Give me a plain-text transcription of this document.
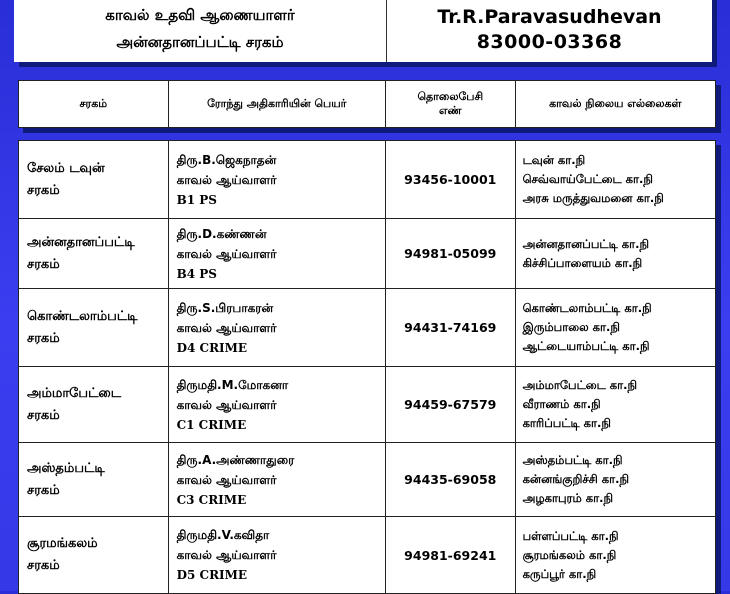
காவல் உதவி ஆணையாளர்
அன்னதானப்பட்டி சரகம்
Tr.R.Paravasudhevan
83000-03368
சரகம்	ரோந்து அதிகாரியின் பெயர்
தொலைபேசி
எண்
காவல் நிலைய எல்லைகள்
சேலம் டவுன்
சரகம்
திரு.B.ஜெகநாதன்
காவல் ஆய்வாளர்
B1 PS
93456-10001
டவுன் கா.நி
செவ்வாய்பேட்டை கா.நி
அரசு மருத்துவமனை கா.நி
அன்னதானப்பட்டி
சரகம்
திரு.D.கண்ணன்
காவல் ஆய்வாளர்
B4 PS
94981-05099
அன்னதானப்பட்டி கா.நி
கிச்சிப்பாளையம் கா.நி
கொண்டலாம்பட்டி
சரகம்
திரு.S.பிரபாகரன்
காவல் ஆய்வாளர்
D4 CRIME
94431-74169
கொண்டலாம்பட்டி கா.நி
இரும்பாலை கா.நி
ஆட்டையாம்பட்டி கா.நி
அம்மாபேட்டை
சரகம்
திருமதி.M.மோகனா
காவல் ஆய்வாளர்
C1 CRIME
94459-67579
அம்மாபேட்டை கா.நி
வீராணம் கா.நி
காரிப்பட்டி கா.நி
அஸ்தம்பட்டி
சரகம்
திரு.A.அண்ணாதுரை
காவல் ஆய்வாளர்
C3 CRIME
94435-69058
அஸ்தம்பட்டி கா.நி
கன்னங்குறிச்சி கா.நி
அழகாபுரம் கா.நி
சூரமங்கலம்
சரகம்
திருமதி.V.கவிதா
காவல் ஆய்வாளர்
D5 CRIME
94981-69241
பள்ளப்பட்டி கா.நி
சூரமங்கலம் கா.நி
கருப்பூர் கா.நி
